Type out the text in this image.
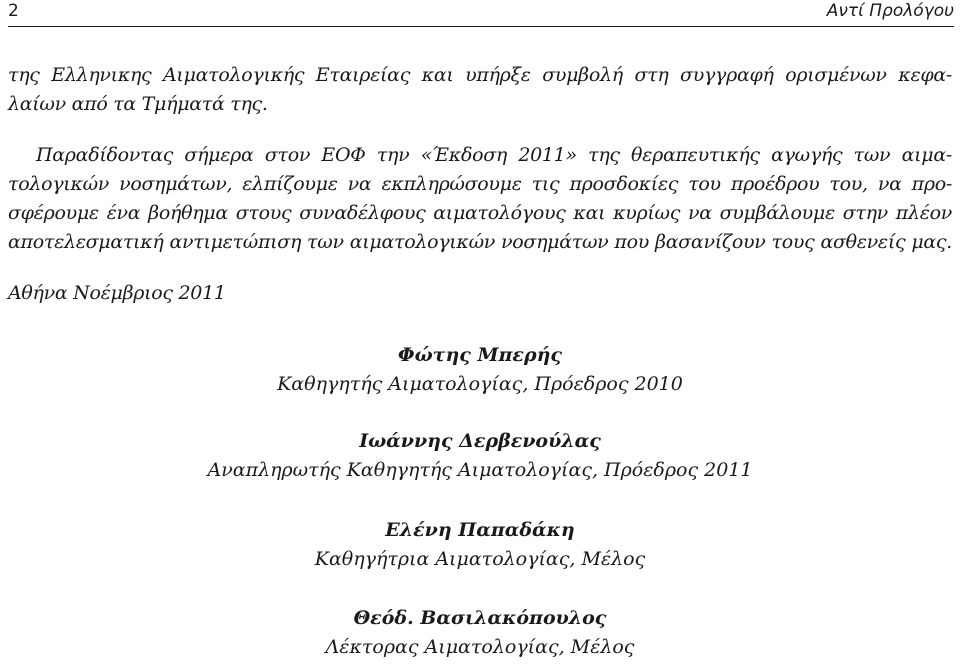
2	Αντί Προλόγου
της Ελληνικης Αιματολογικής Εταιρείας και υπήρξε συμβολή στη συγγραφή ορισμένων κεφα-
λαίων από τα Τμήματά της.
Παραδίδοντας σήμερα στον ΕΟΦ την «Έκδοση 2011» της θεραπευτικής αγωγής των αιμα-
τολογικών νοσημάτων, ελπίζουμε να εκπληρώσουμε τις προσδοκίες του προέδρου του, να προ-
σφέρουμε ένα βοήθημα στους συναδέλφους αιματολόγους και κυρίως να συμβάλουμε στην πλέον
αποτελεσματική αντιμετώπιση των αιματολογικών νοσημάτων που βασανίζουν τους ασθενείς μας.
Αθήνα Νοέμβριος 2011
Φώτης Μπερής
Καθηγητής Αιματολογίας, Πρόεδρος 2010
Ιωάννης Δερβενούλας
Αναπληρωτής Καθηγητής Αιματολογίας, Πρόεδρος 2011
Ελένη Παπαδάκη
Καθηγήτρια Αιματολογίας, Μέλος
Θεόδ. Βασιλακόπουλος
Λέκτορας Αιματολογίας, Μέλος
